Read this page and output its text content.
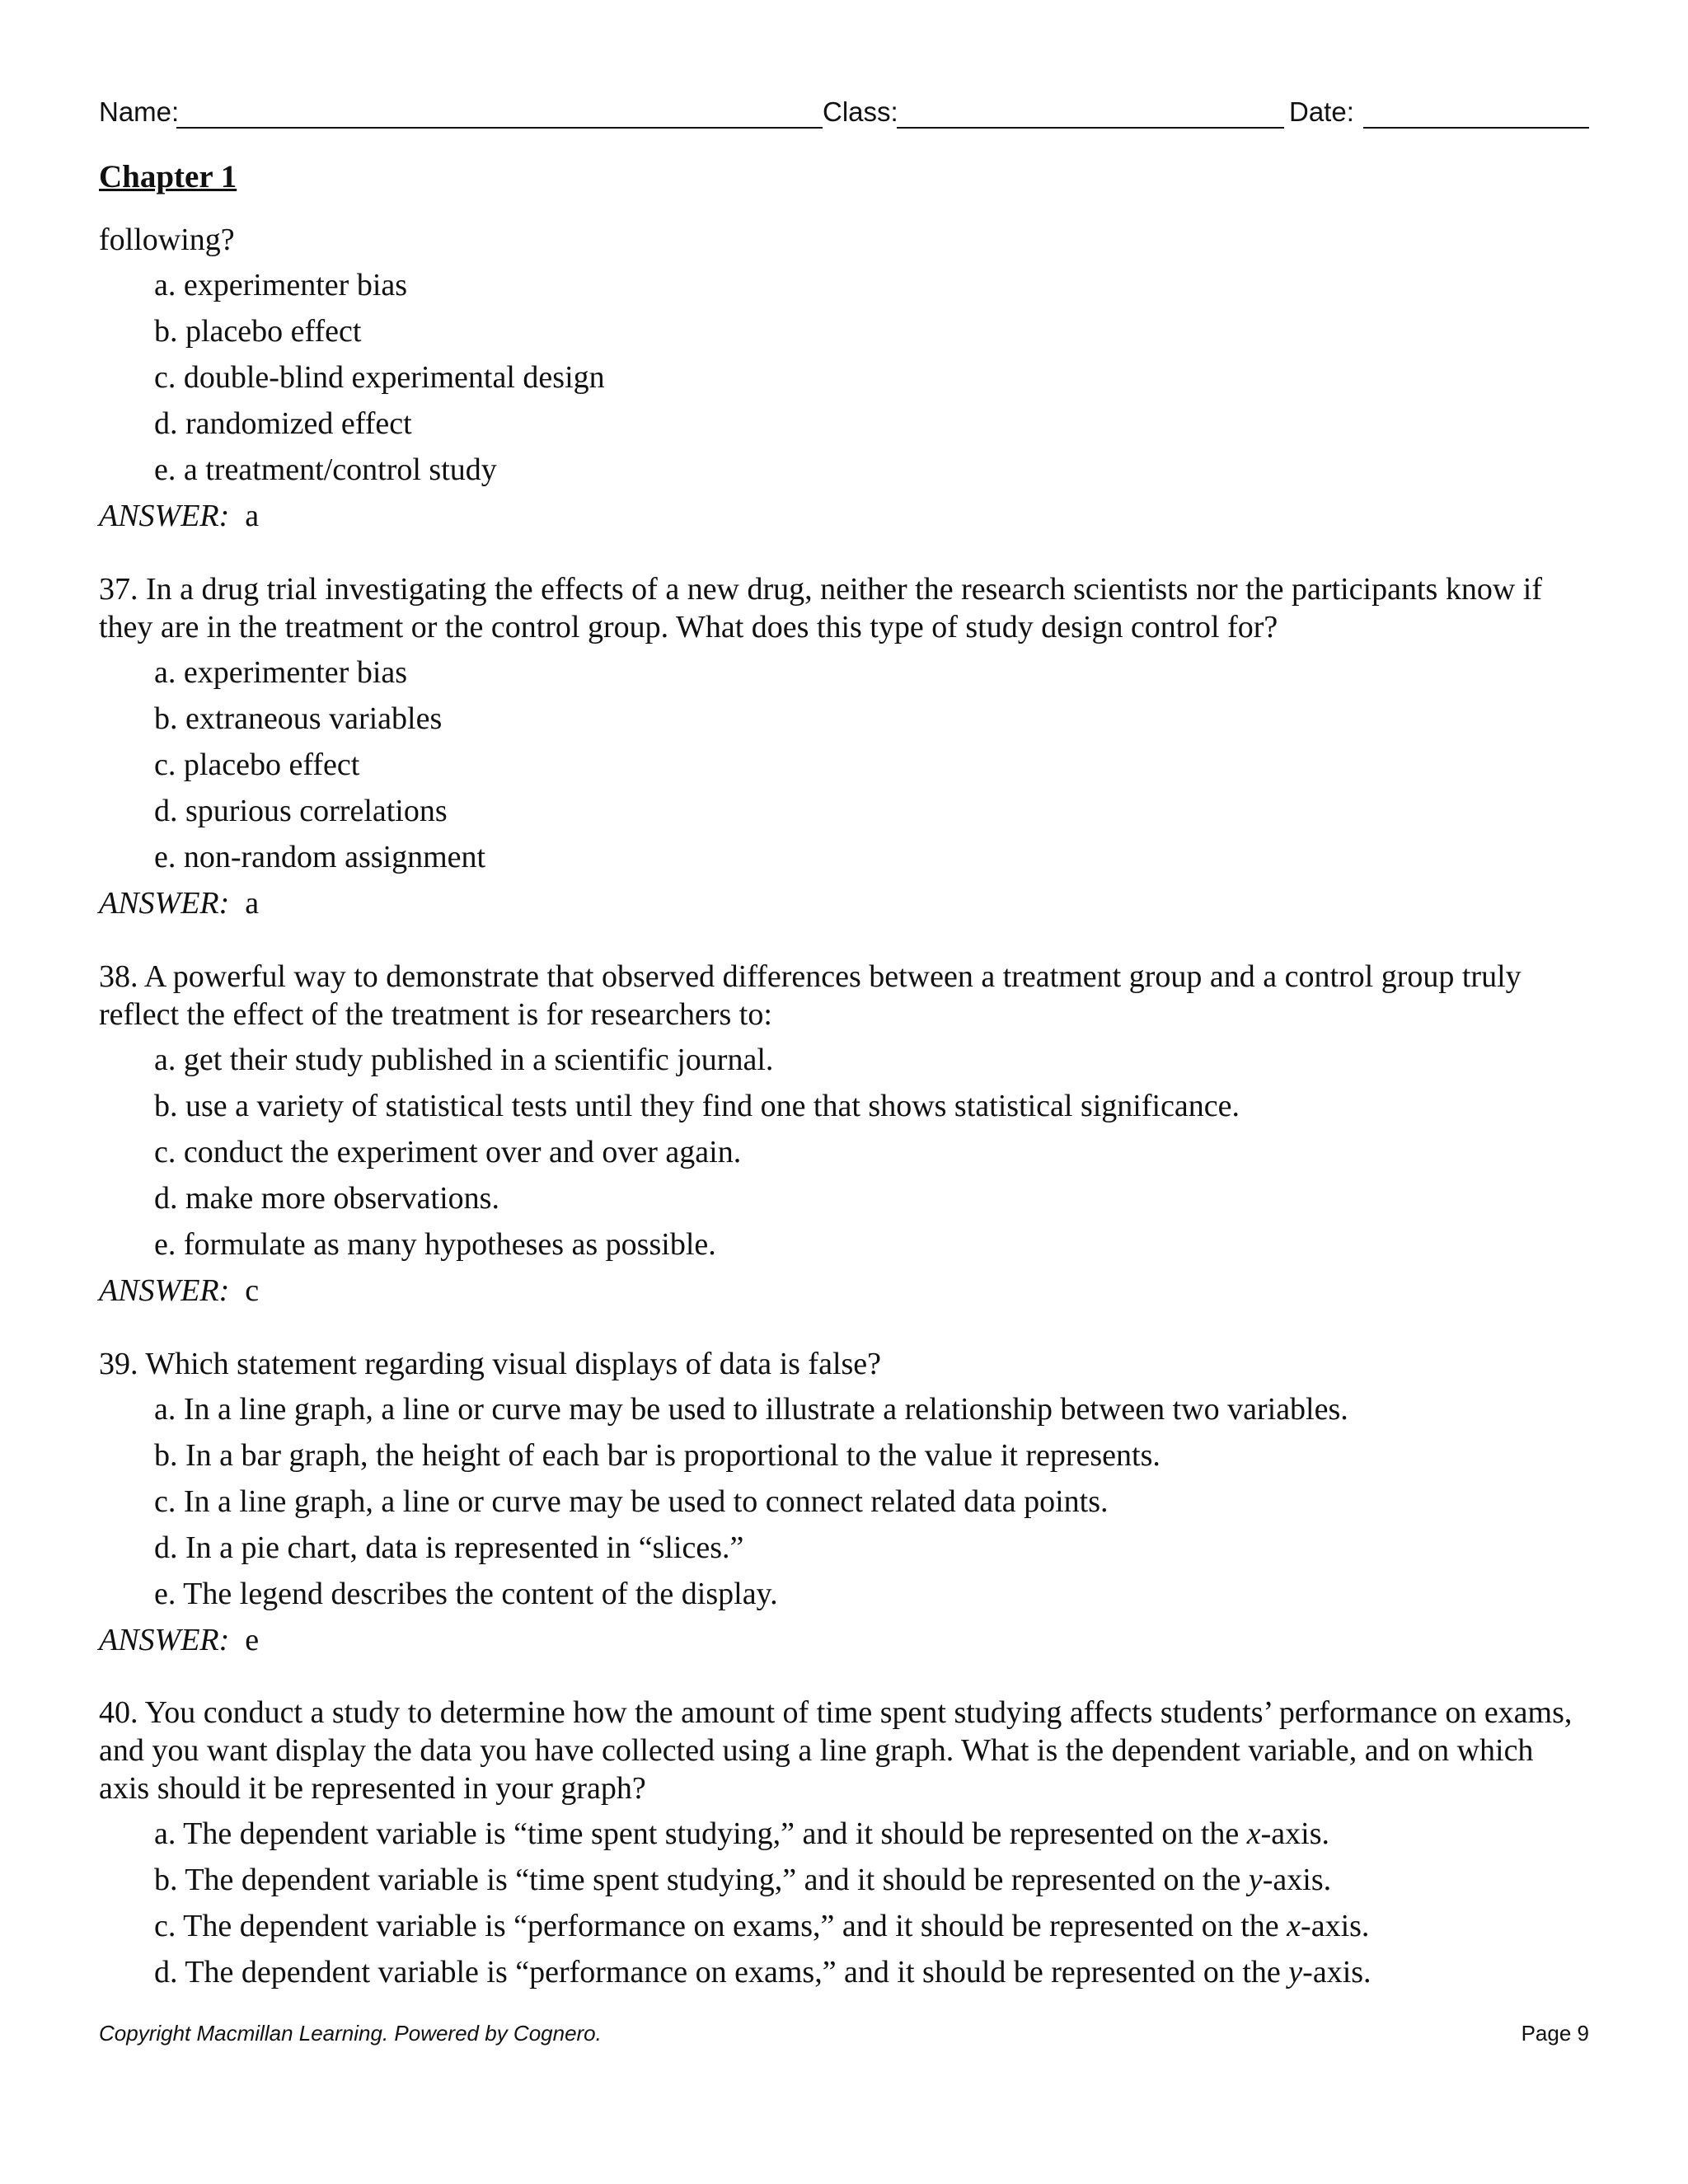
Name:	Class:	Date:
Chapter 1
following?
a. experimenter bias
b. placebo effect
c. double-blind experimental design
d. randomized effect
e. a treatment/control study
ANSWER: a
37. In a drug trial investigating the effects of a new drug, neither the research scientists nor the participants know if they are in the treatment or the control group. What does this type of study design control for?
a. experimenter bias
b. extraneous variables
c. placebo effect
d. spurious correlations
e. non-random assignment
ANSWER: a
38. A powerful way to demonstrate that observed differences between a treatment group and a control group truly reflect the effect of the treatment is for researchers to:
a. get their study published in a scientific journal.
b. use a variety of statistical tests until they find one that shows statistical significance.
c. conduct the experiment over and over again.
d. make more observations.
e. formulate as many hypotheses as possible.
ANSWER: c
39. Which statement regarding visual displays of data is false?
a. In a line graph, a line or curve may be used to illustrate a relationship between two variables.
b. In a bar graph, the height of each bar is proportional to the value it represents.
c. In a line graph, a line or curve may be used to connect related data points.
d. In a pie chart, data is represented in “slices.”
e. The legend describes the content of the display.
ANSWER: e
40. You conduct a study to determine how the amount of time spent studying affects students’ performance on exams, and you want display the data you have collected using a line graph. What is the dependent variable, and on which axis should it be represented in your graph?
a. The dependent variable is “time spent studying,” and it should be represented on the x-axis.
b. The dependent variable is “time spent studying,” and it should be represented on the y-axis.
c. The dependent variable is “performance on exams,” and it should be represented on the x-axis.
d. The dependent variable is “performance on exams,” and it should be represented on the y-axis.
Copyright Macmillan Learning. Powered by Cognero.	Page 9
